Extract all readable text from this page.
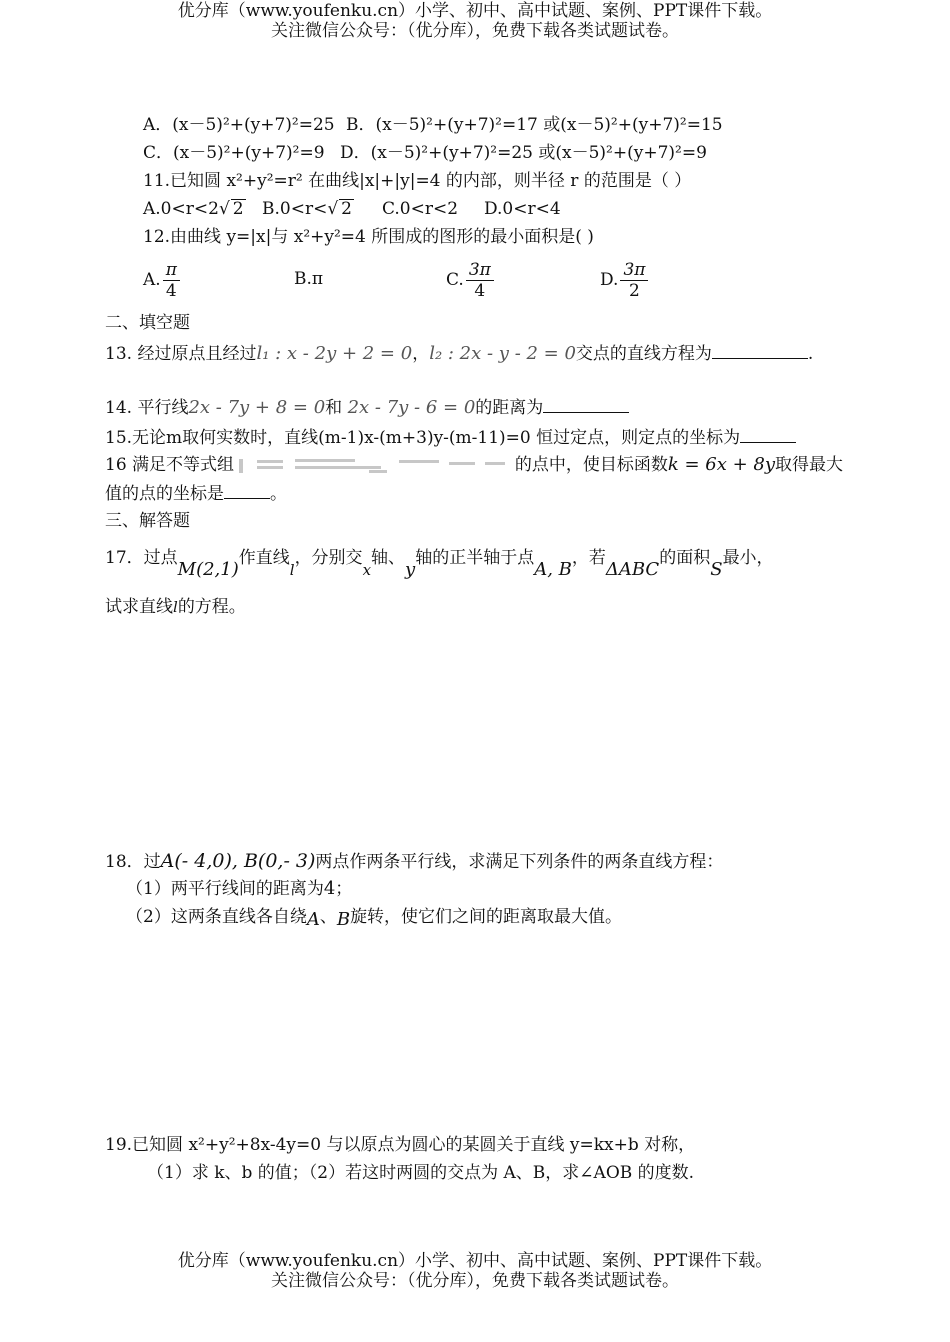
优分库（www.youfenku.cn）小学、初中、高中试题、案例、PPT课件下载。
关注微信公众号：（优分库），免费下载各类试题试卷。
A．(x－5)²+(y+7)²=25 B．(x－5)²+(y+7)²=17 或(x－5)²+(y+7)²=15
C．(x－5)²+(y+7)²=9 D．(x－5)²+(y+7)²=25 或(x－5)²+(y+7)²=9
11.已知圆 x²+y²=r² 在曲线|x|+|y|=4 的内部，则半径 r 的范围是（ ）
A.0<r<2√ 2 B.0<r<√ 2 C.0<r<2 D.0<r<4
12.由曲线 y=|x|与 x²+y²=4 所围成的图形的最小面积是( )
A. $\frac{\pi}{4}$	B.π	C. $\frac{3\pi}{4}$	D. $\frac{3\pi}{2}$
二、填空题
13. 经过原点且经过l₁ : x - 2y + 2 = 0，l₂ : 2x - y - 2 = 0交点的直线方程为	.
14. 平行线2x - 7y + 8 = 0和 2x - 7y - 6 = 0的距离为
15.无论m取何实数时，直线(m-1)x-(m+3)y-(m-11)=0 恒过定点，则定点的坐标为
16 满足不等式组	的点中，使目标函数k = 6x + 8y取得最大
值的点的坐标是	。
三、解答题
17．过点M(2,1)作直线l，分别交x轴、y轴的正半轴于点A, B，若ΔABC的面积S最小，
试求直线l的方程。
18．过A(- 4,0), B(0,- 3)两点作两条平行线，求满足下列条件的两条直线方程：
（1）两平行线间的距离为4；
（2）这两条直线各自绕A、B旋转，使它们之间的距离取最大值。
19.已知圆 x²+y²+8x-4y=0 与以原点为圆心的某圆关于直线 y=kx+b 对称，
（1）求 k、b 的值；（2）若这时两圆的交点为 A、B，求∠AOB 的度数.
优分库（www.youfenku.cn）小学、初中、高中试题、案例、PPT课件下载。
关注微信公众号：（优分库），免费下载各类试题试卷。
